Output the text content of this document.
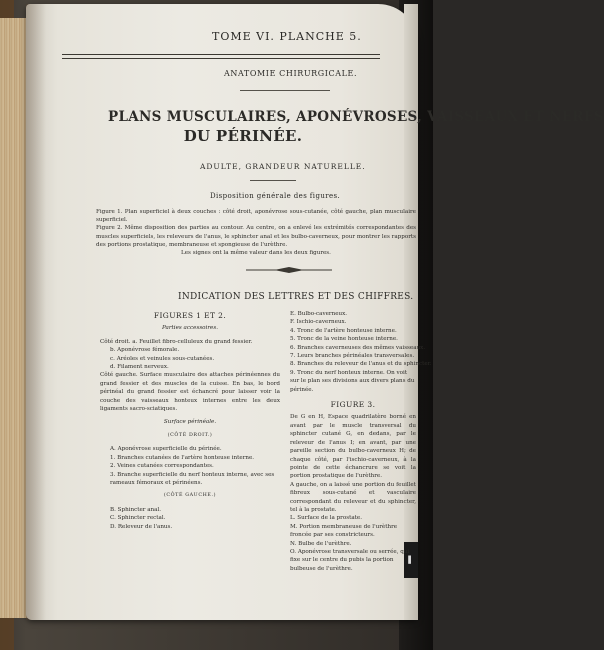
▌
TOME VI. PLANCHE 5.
ANATOMIE CHIRURGICALE.
PLANS MUSCULAIRES, APONÉVROSES, VAISSEAUX ET NERFS
DU PÉRINÉE.
ADULTE, GRANDEUR NATURELLE.
Disposition générale des figures.

Figure 1. Plan superficiel à deux couches : côté droit, aponévrose sous-cutanée, côté gauche, plan musculaire superficiel.

Figure 2. Même disposition des parties au contour. Au centre, on a enlevé les extrémités correspondantes des muscles superficiels, les releveurs de l'anus, le sphincter anal et les bulbo-caverneux, pour montrer les rapports des portions prostatique, membraneuse et spongieuse de l'urèthre.

Les signes ont la même valeur dans les deux figures.

INDICATION DES LETTRES ET DES CHIFFRES.
FIGURES 1 ET 2.
Parties accessoires.
Côté droit. a. Feuillet fibro-celluleux du grand fessier.
b. Aponévrose fémorale.
c. Aréoles et veinules sous-cutanées.
d. Filament nerveux.
Côté gauche. Surface musculaire des attaches périnéennes du grand fessier et des muscles de la cuisse. En bas, le bord périnéal du grand fessier est échancré pour laisser voir la couche des vaisseaux honteux internes entre les deux ligaments sacro-sciatiques.
Surface périnéale.
(CÔTÉ DROIT.)
A. Aponévrose superficielle du périnée.
1. Branches cutanées de l'artère honteuse interne.
2. Veines cutanées correspondantes.
3. Branche superficielle du nerf honteux interne, avec ses rameaux fémoraux et périnéens.
(CÔTÉ GAUCHE.)
B. Sphincter anal.
C. Sphincter rectal.
D. Releveur de l'anus.
E. Bulbo-caverneux.
F. Ischio-caverneux.
4. Tronc de l'artère honteuse interne.
5. Tronc de la veine honteuse interne.
6. Branches caverneuses des mêmes vaisseaux.
7. Leurs branches périnéales transversales.
8. Branches du releveur de l'anus et du sphincter.
9. Tronc du nerf honteux interne. On voit sur le plan ses divisions aux divers plans du périnée.
FIGURE 3.
De G en H, Espace quadrilatère borné en avant par le muscle transversal du sphincter cutané G, en dedans, par le releveur de l'anus I; en avant, par une pareille section du bulbo-caverneux H; de chaque côté, par l'ischio-caverneux, à la pointe de cette échancrure se voit la portion prostatique de l'urèthre.
A gauche, on a laissé une portion du feuillet fibreux sous-cutané et vasculaire correspondant du releveur et du sphincter, tel à la prostate.
L. Surface de la prostate.
M. Portion membraneuse de l'urèthre froncée par ses constricteurs.
N. Bulbe de l'urèthre.
O. Aponévrose transversale ou serrée, qui fixe sur le centre du pubis la portion bulbeuse de l'urèthre.
